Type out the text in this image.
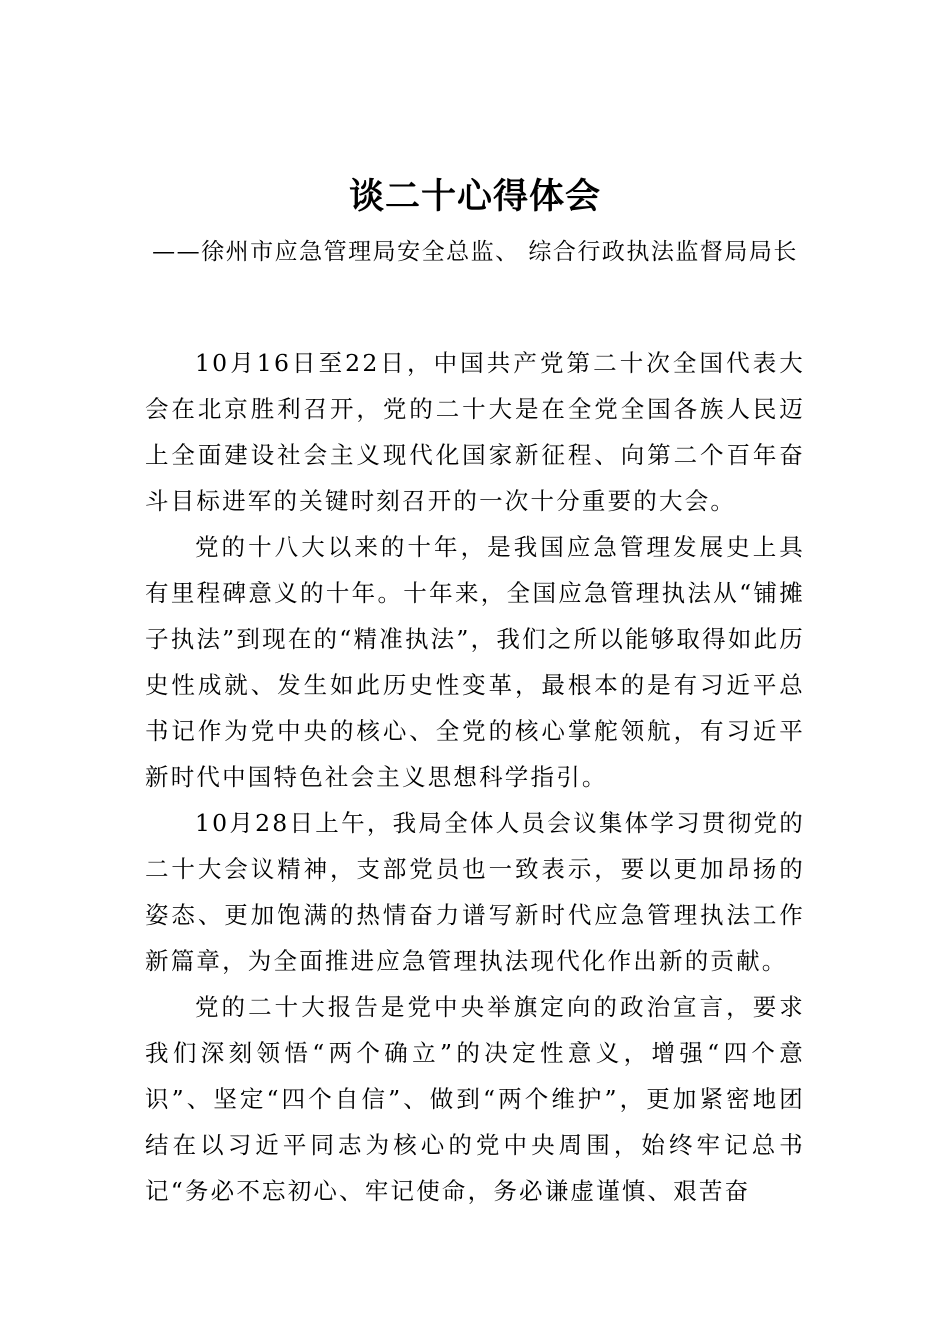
谈二十心得体会
——徐州市应急管理局安全总监、 综合行政执法监督局局长

10月16日至22日，中国共产党第二十次全国代表大会在北京胜利召开，党的二十大是在全党全国各族人民迈上全面建设社会主义现代化国家新征程、向第二个百年奋斗目标进军的关键时刻召开的一次十分重要的大会。

党的十八大以来的十年，是我国应急管理发展史上具有里程碑意义的十年。十年来，全国应急管理执法从“铺摊子执法”到现在的“精准执法”，我们之所以能够取得如此历史性成就、发生如此历史性变革，最根本的是有习近平总书记作为党中央的核心、全党的核心掌舵领航，有习近平新时代中国特色社会主义思想科学指引。

10月28日上午，我局全体人员会议集体学习贯彻党的二十大会议精神，支部党员也一致表示，要以更加昂扬的姿态、更加饱满的热情奋力谱写新时代应急管理执法工作新篇章，为全面推进应急管理执法现代化作出新的贡献。

党的二十大报告是党中央举旗定向的政治宣言，要求我们深刻领悟“两个确立”的决定性意义，增强“四个意识”、坚定“四个自信”、做到“两个维护”，更加紧密地团结在以习近平同志为核心的党中央周围，始终牢记总书记“务必不忘初心、牢记使命，务必谦虚谨慎、艰苦奋
